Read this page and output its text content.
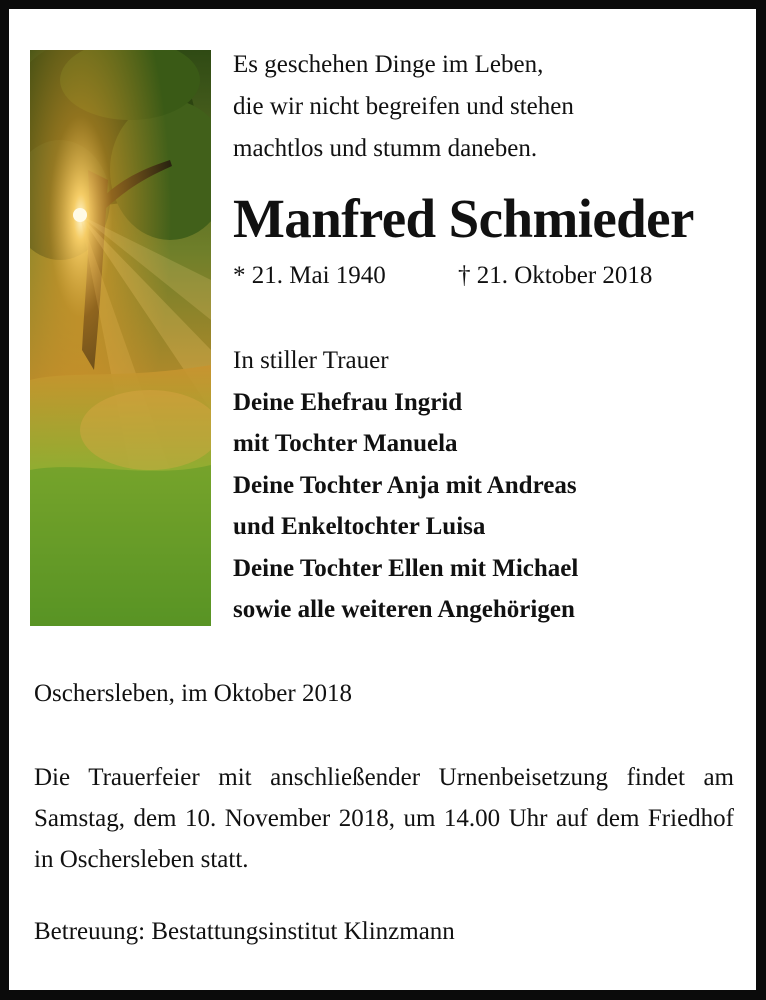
Es geschehen Dinge im Leben,
die wir nicht begreifen und stehen
machtlos und stumm daneben.
Manfred Schmieder
* 21. Mai 1940	† 21. Oktober 2018
In stiller Trauer
Deine Ehefrau Ingrid
mit Tochter Manuela
Deine Tochter Anja mit Andreas
und Enkeltochter Luisa
Deine Tochter Ellen mit Michael
sowie alle weiteren Angehörigen
Oschersleben, im Oktober 2018
Die Trauerfeier mit anschließender Urnenbeisetzung findet am Samstag, dem 10. November 2018, um 14.00 Uhr auf dem Friedhof in Oschersleben statt.
Betreuung: Bestattungsinstitut Klinzmann
